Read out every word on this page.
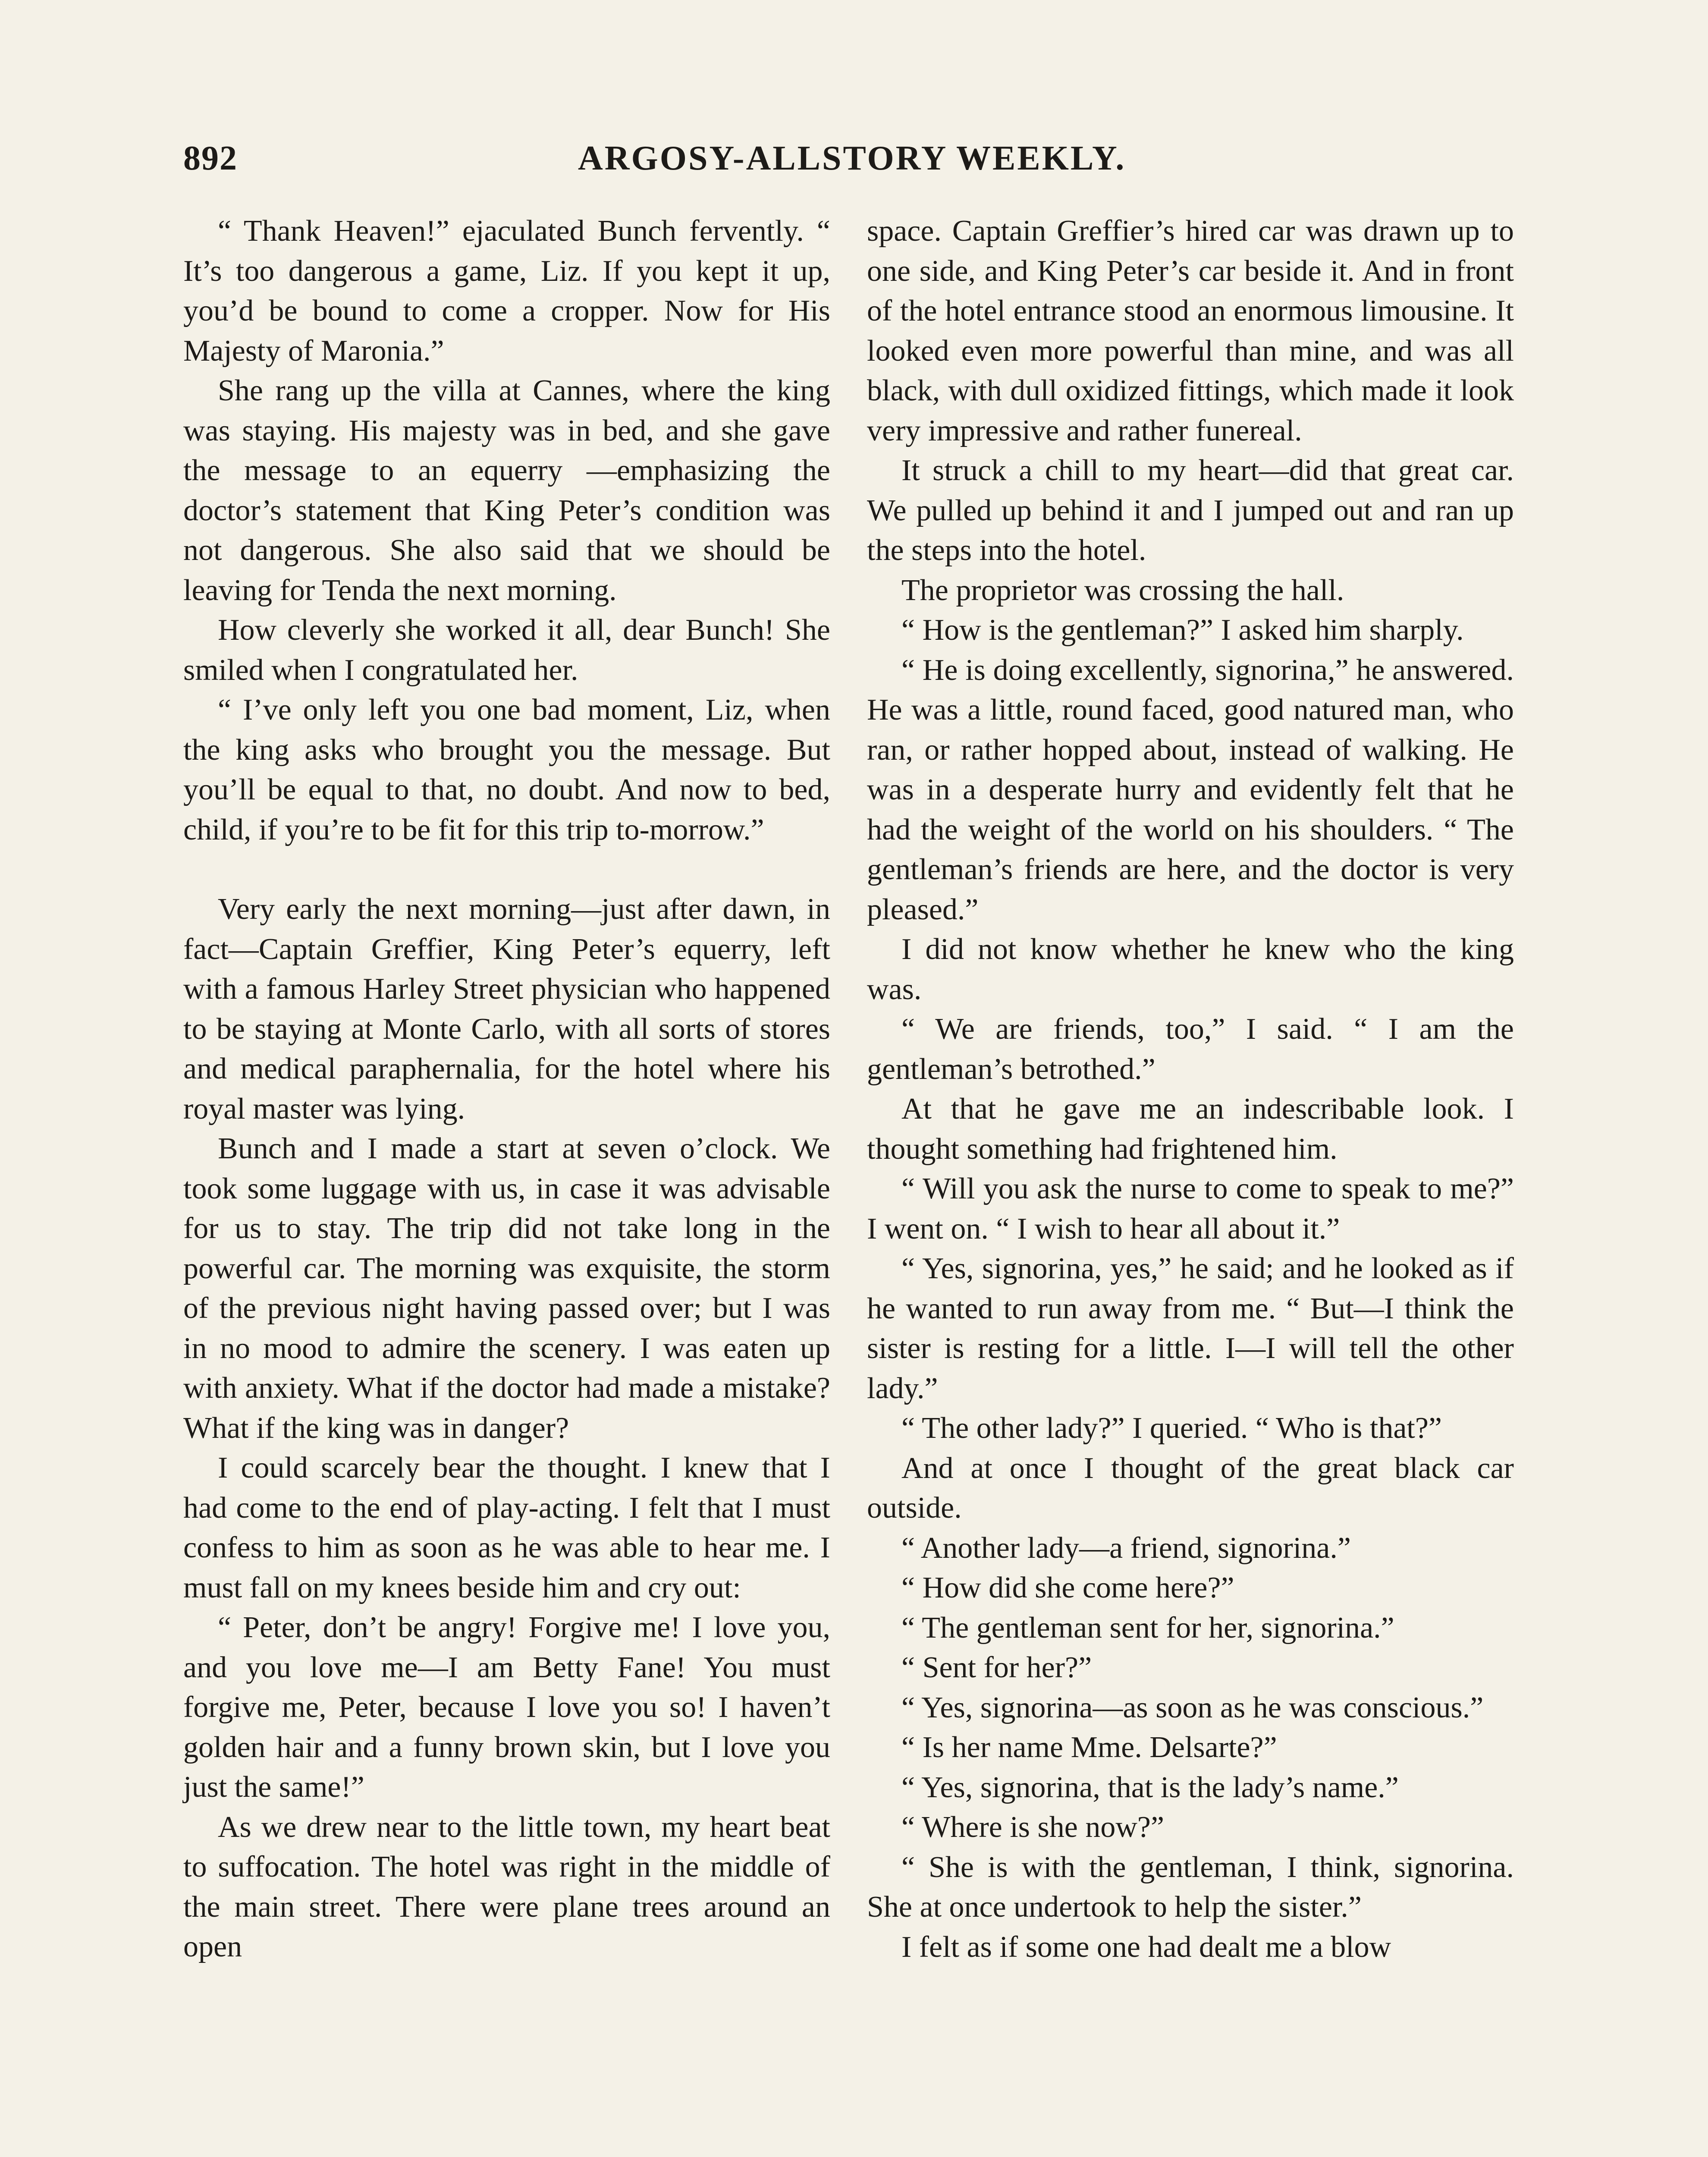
892	ARGOSY-ALLSTORY WEEKLY.

“ Thank Heaven!” ejaculated Bunch fervently. “ It’s too dangerous a game, Liz. If you kept it up, you’d be bound to come a cropper. Now for His Majesty of Maronia.”

She rang up the villa at Cannes, where the king was staying. His majesty was in bed, and she gave the message to an equerry —emphasizing the doctor’s statement that King Peter’s condition was not dangerous. She also said that we should be leaving for Tenda the next morning.

How cleverly she worked it all, dear Bunch! She smiled when I congratulated her.

“ I’ve only left you one bad moment, Liz, when the king asks who brought you the message. But you’ll be equal to that, no doubt. And now to bed, child, if you’re to be fit for this trip to-morrow.”

Very early the next morning—just after dawn, in fact—Captain Greffier, King Peter’s equerry, left with a famous Harley Street physician who happened to be staying at Monte Carlo, with all sorts of stores and medical paraphernalia, for the hotel where his royal master was lying.

Bunch and I made a start at seven o’clock. We took some luggage with us, in case it was advisable for us to stay. The trip did not take long in the powerful car. The morning was exquisite, the storm of the previous night having passed over; but I was in no mood to admire the scenery. I was eaten up with anxiety. What if the doctor had made a mistake? What if the king was in danger?

I could scarcely bear the thought. I knew that I had come to the end of play-acting. I felt that I must confess to him as soon as he was able to hear me. I must fall on my knees beside him and cry out:

“ Peter, don’t be angry! Forgive me! I love you, and you love me—I am Betty Fane! You must forgive me, Peter, because I love you so! I haven’t golden hair and a funny brown skin, but I love you just the same!”

As we drew near to the little town, my heart beat to suffocation. The hotel was right in the middle of the main street. There were plane trees around an open

space. Captain Greffier’s hired car was drawn up to one side, and King Peter’s car beside it. And in front of the hotel entrance stood an enormous limousine. It looked even more powerful than mine, and was all black, with dull oxidized fittings, which made it look very impressive and rather funereal.

It struck a chill to my heart—did that great car. We pulled up behind it and I jumped out and ran up the steps into the hotel.

The proprietor was crossing the hall.

“ How is the gentleman?” I asked him sharply.

“ He is doing excellently, signorina,” he answered. He was a little, round faced, good natured man, who ran, or rather hopped about, instead of walking. He was in a desperate hurry and evidently felt that he had the weight of the world on his shoulders. “ The gentleman’s friends are here, and the doctor is very pleased.”

I did not know whether he knew who the king was.

“ We are friends, too,” I said. “ I am the gentleman’s betrothed.”

At that he gave me an indescribable look. I thought something had frightened him.

“ Will you ask the nurse to come to speak to me?” I went on. “ I wish to hear all about it.”

“ Yes, signorina, yes,” he said; and he looked as if he wanted to run away from me. “ But—I think the sister is resting for a little. I—I will tell the other lady.”

“ The other lady?” I queried. “ Who is that?”

And at once I thought of the great black car outside.

“ Another lady—a friend, signorina.”

“ How did she come here?”

“ The gentleman sent for her, signorina.”

“ Sent for her?”

“ Yes, signorina—as soon as he was conscious.”

“ Is her name Mme. Delsarte?”

“ Yes, signorina, that is the lady’s name.”

“ Where is she now?”

“ She is with the gentleman, I think, signorina. She at once undertook to help the sister.”

I felt as if some one had dealt me a blow
